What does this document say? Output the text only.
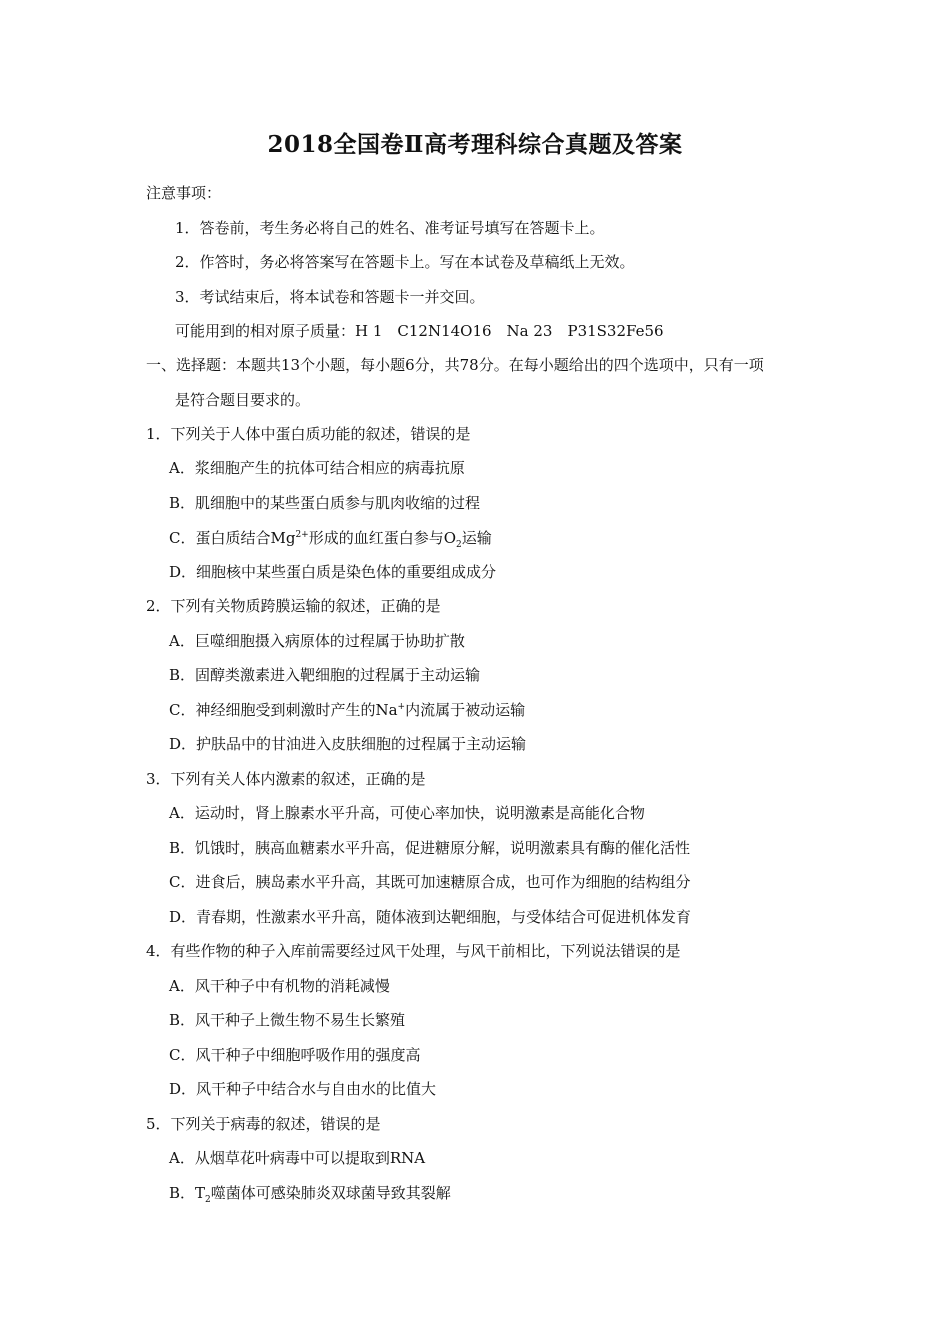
2018全国卷Ⅱ高考理科综合真题及答案
注意事项：
1．答卷前，考生务必将自己的姓名、准考证号填写在答题卡上。
2．作答时，务必将答案写在答题卡上。写在本试卷及草稿纸上无效。
3．考试结束后，将本试卷和答题卡一并交回。
可能用到的相对原子质量：H 1　C12N14O16　Na 23　P31S32Fe56
一、选择题：本题共13个小题，每小题6分，共78分。在每小题给出的四个选项中，只有一项
是符合题目要求的。
1．下列关于人体中蛋白质功能的叙述，错误的是
A．浆细胞产生的抗体可结合相应的病毒抗原
B．肌细胞中的某些蛋白质参与肌肉收缩的过程
C．蛋白质结合$Mg^{2+}$形成的血红蛋白参与$O_2$运输
D．细胞核中某些蛋白质是染色体的重要组成成分
2．下列有关物质跨膜运输的叙述，正确的是
A．巨噬细胞摄入病原体的过程属于协助扩散
B．固醇类激素进入靶细胞的过程属于主动运输
C．神经细胞受到刺激时产生的Na+内流属于被动运输
D．护肤品中的甘油进入皮肤细胞的过程属于主动运输
3．下列有关人体内激素的叙述，正确的是
A．运动时，肾上腺素水平升高，可使心率加快，说明激素是高能化合物
B．饥饿时，胰高血糖素水平升高，促进糖原分解，说明激素具有酶的催化活性
C．进食后，胰岛素水平升高，其既可加速糖原合成，也可作为细胞的结构组分
D．青春期，性激素水平升高，随体液到达靶细胞，与受体结合可促进机体发育
4．有些作物的种子入库前需要经过风干处理，与风干前相比，下列说法错误的是
A．风干种子中有机物的消耗减慢
B．风干种子上微生物不易生长繁殖
C．风干种子中细胞呼吸作用的强度高
D．风干种子中结合水与自由水的比值大
5．下列关于病毒的叙述，错误的是
A．从烟草花叶病毒中可以提取到RNA
B．$T_2$噬菌体可感染肺炎双球菌导致其裂解
